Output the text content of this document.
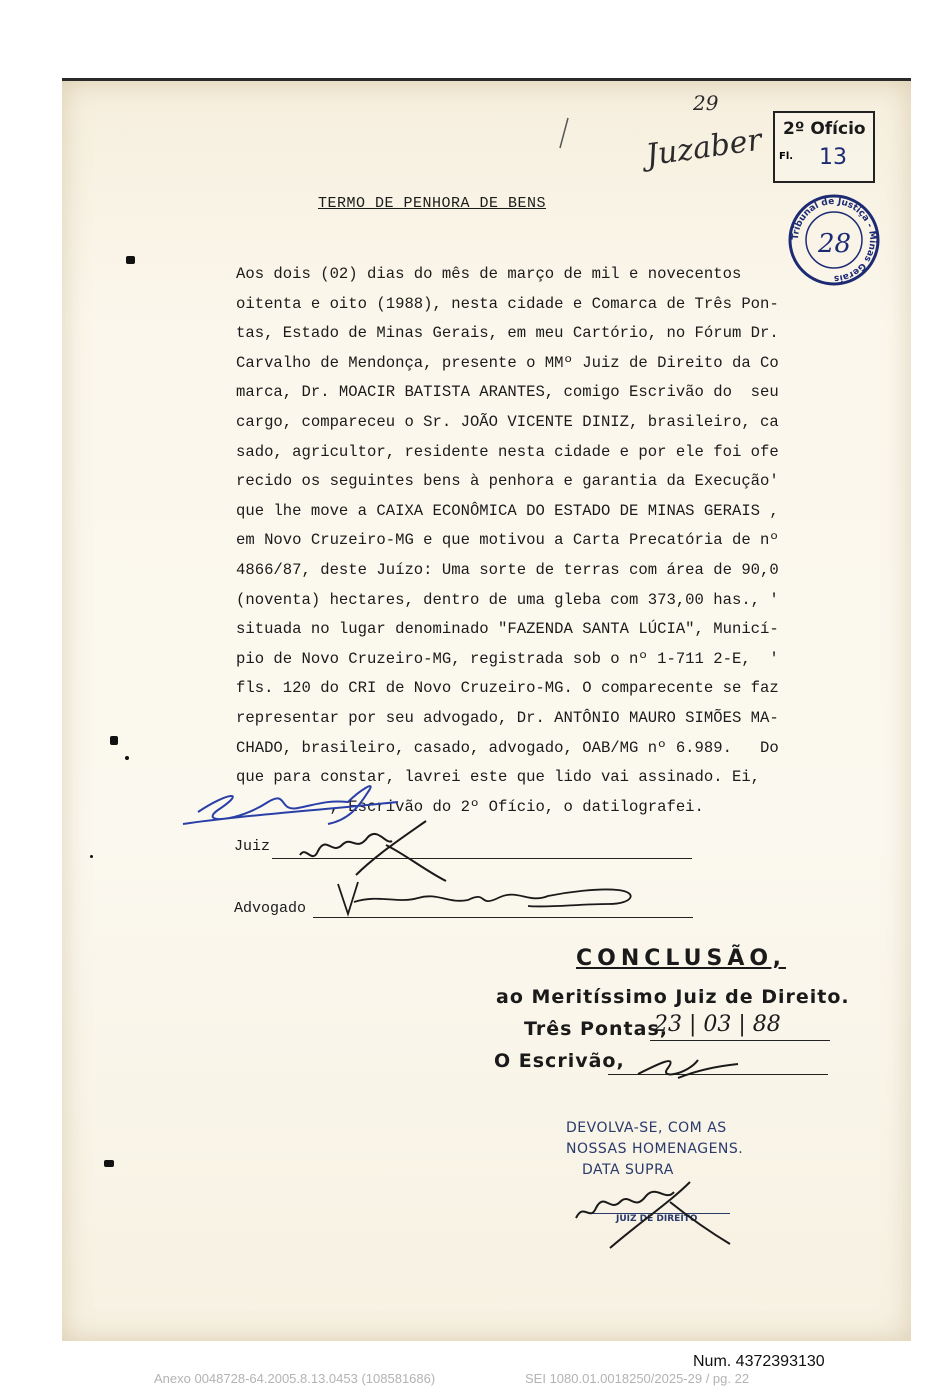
29
Juzaber 2º Ofício
Fl. 13
Tribunal de Justiça - Minas Gerais
28
TERMO DE PENHORA DE BENS
Aos dois (02) dias do mês de março de mil e novecentos
oitenta e oito (1988), nesta cidade e Comarca de Três Pon-
tas, Estado de Minas Gerais, em meu Cartório, no Fórum Dr.
Carvalho de Mendonça, presente o MMº Juiz de Direito da Co
marca, Dr. MOACIR BATISTA ARANTES, comigo Escrivão do  seu
cargo, compareceu o Sr. JOÃO VICENTE DINIZ, brasileiro, ca
sado, agricultor, residente nesta cidade e por ele foi ofe
recido os seguintes bens à penhora e garantia da Execução'
que lhe move a CAIXA ECONÔMICA DO ESTADO DE MINAS GERAIS ,
em Novo Cruzeiro-MG e que motivou a Carta Precatória de nº
4866/87, deste Juízo: Uma sorte de terras com área de 90,0
(noventa) hectares, dentro de uma gleba com 373,00 has., '
situada no lugar denominado "FAZENDA SANTA LÚCIA", Municí-
pio de Novo Cruzeiro-MG, registrada sob o nº 1-711 2-E,  '
fls. 120 do CRI de Novo Cruzeiro-MG. O comparecente se faz
representar por seu advogado, Dr. ANTÔNIO MAURO SIMÕES MA-
CHADO, brasileiro, casado, advogado, OAB/MG nº 6.989.   Do
que para constar, lavrei este que lido vai assinado. Ei,
, Escrivão do 2º Ofício, o datilografei.
Juiz
Advogado
CONCLUSÃO,
ao Meritíssimo Juiz de Direito.
Três Pontas,
23 | 03 | 88
O Escrivão,
DEVOLVA-SE, COM AS
NOSSAS HOMENAGENS.
DATA SUPRA
JUIZ DE DIREITO
Num. 4372393130
Anexo 0048728-64.2005.8.13.0453 (108581686)	SEI 1080.01.0018250/2025-29 / pg. 22
